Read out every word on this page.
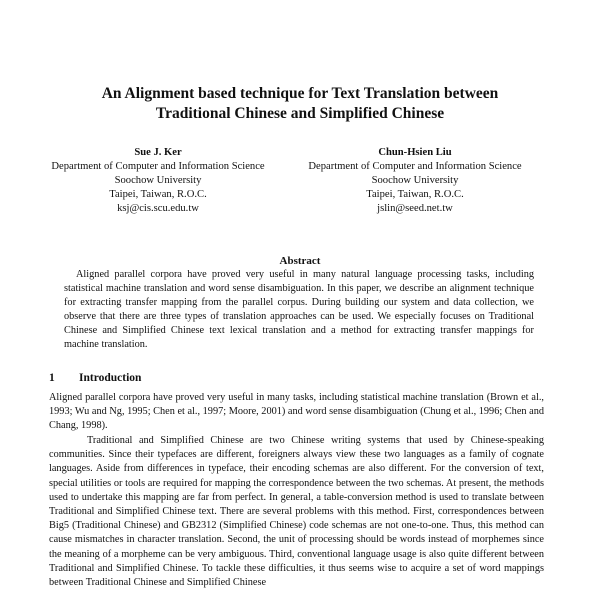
An Alignment based technique for Text Translation between
Traditional Chinese and Simplified Chinese
Sue J. Ker
Department of Computer and Information Science
Soochow University
Taipei, Taiwan, R.O.C.
ksj@cis.scu.edu.tw
Chun-Hsien Liu
Department of Computer and Information Science
Soochow University
Taipei, Taiwan, R.O.C.
jslin@seed.net.tw
Abstract
Aligned parallel corpora have proved very useful in many natural language processing tasks, including statistical machine translation and word sense disambiguation. In this paper, we describe an alignment technique for extracting transfer mapping from the parallel corpus. During building our system and data collection, we observe that there are three types of translation approaches can be used. We especially focuses on Traditional Chinese and Simplified Chinese text lexical translation and a method for extracting transfer mappings for machine translation.
1 Introduction
Aligned parallel corpora have proved very useful in many tasks, including statistical machine translation (Brown et al., 1993; Wu and Ng, 1995; Chen et al., 1997; Moore, 2001) and word sense disambiguation (Chung et al., 1996; Chen and Chang, 1998).
Traditional and Simplified Chinese are two Chinese writing systems that used by Chinese-speaking communities. Since their typefaces are different, foreigners always view these two languages as a family of cognate languages. Aside from differences in typeface, their encoding schemas are also different. For the conversion of text, special utilities or tools are required for mapping the correspondence between the two schemas. At present, the methods used to undertake this mapping are far from perfect. In general, a table-conversion method is used to translate between Traditional and Simplified Chinese text. There are several problems with this method. First, correspondences between Big5 (Traditional Chinese) and GB2312 (Simplified Chinese) code schemas are not one-to-one. Thus, this method can cause mismatches in character translation. Second, the unit of processing should be words instead of morphemes since the meaning of a morpheme can be very ambiguous. Third, conventional language usage is also quite different between Traditional and Simplified Chinese. To tackle these difficulties, it thus seems wise to acquire a set of word mappings between Traditional Chinese and Simplified Chinese
